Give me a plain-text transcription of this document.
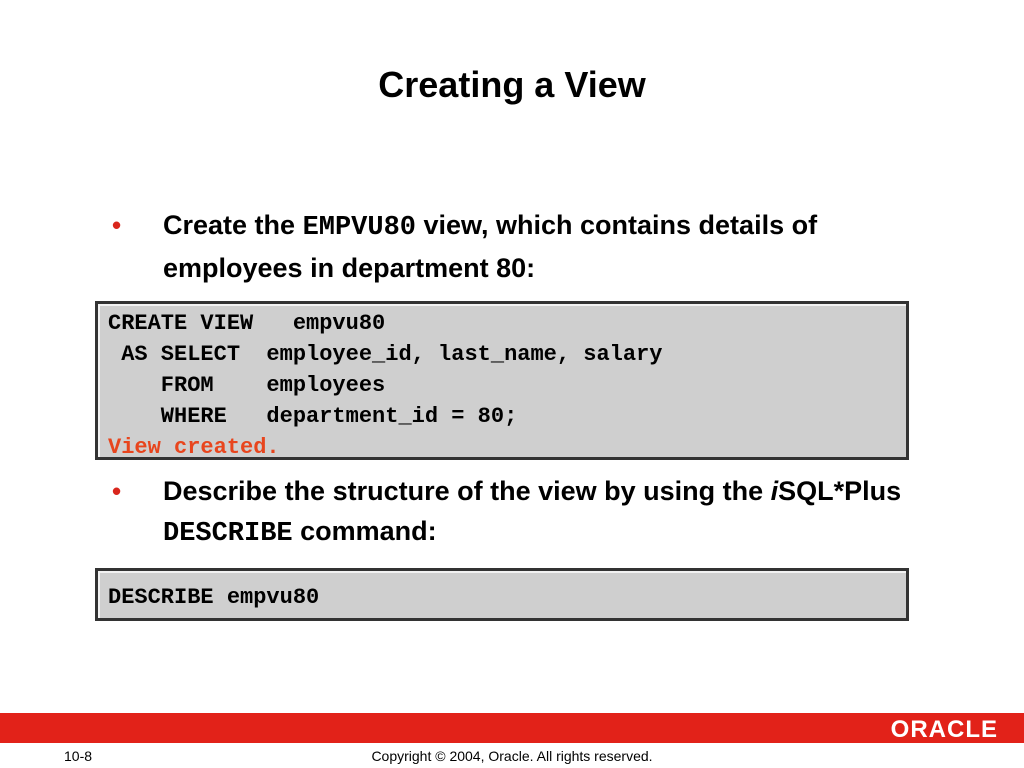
Creating a View
• Create the EMPVU80 view, which contains details of employees in department 80:
CREATE VIEW   empvu80
AS SELECT  employee_id, last_name, salary
FROM    employees
WHERE   department_id = 80;
View created.
• Describe the structure of the view by using the iSQL*Plus DESCRIBE command:
DESCRIBE empvu80
ORACLE
10-8	Copyright © 2004, Oracle. All rights reserved.
